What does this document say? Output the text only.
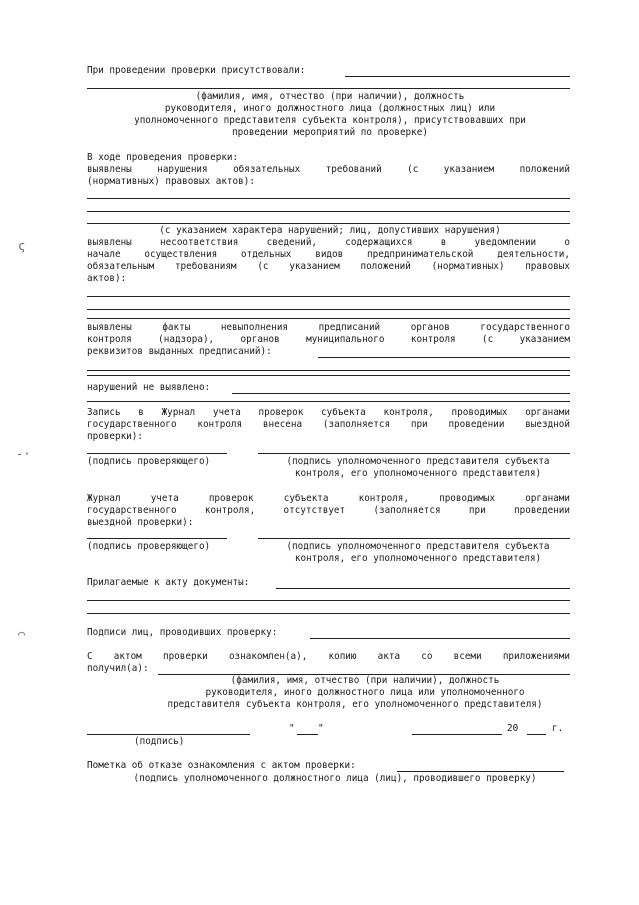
При проведении проверки присутствовали:
(фамилия, имя, отчество (при наличии), должность
руководителя, иного должностного лица (должностных лиц) или
уполномоченного представителя субъекта контроля), присутствовавших при
проведении мероприятий по проверке)
В ходе проведения проверки:
выявлены нарушения обязательных требований (с указанием положений
(нормативных) правовых актов):
(с указанием характера нарушений; лиц, допустивших нарушения)
выявлены несоответствия сведений, содержащихся в уведомлении о
начале осуществления отдельных видов предпринимательской деятельности,
обязательным требованиям (с указанием положений (нормативных) правовых
актов):
выявлены факты невыполнения предписаний органов государственного
контроля (надзора), органов муниципального контроля (с указанием
реквизитов выданных предписаний):
нарушений не выявлено:
Запись в Журнал учета проверок субъекта контроля, проводимых органами
государственного контроля внесена (заполняется при проведении выездной
проверки):
(подпись проверяющего)	(подпись уполномоченного представителя субъекта
контроля, его уполномоченного представителя)
Журнал учета проверок субъекта контроля, проводимых органами
государственного контроля, отсутствует (заполняется при проведении
выездной проверки):
(подпись проверяющего)	(подпись уполномоченного представителя субъекта
контроля, его уполномоченного представителя)
Прилагаемые к акту документы:
Подписи лиц, проводивших проверку:
С актом проверки ознакомлен(а), копию акта со всеми приложениями
получил(а):
(фамилия, имя, отчество (при наличии), должность
руководителя, иного должностного лица или уполномоченного
представителя субъекта контроля, его уполномоченного представителя)
"	"	20	г.
(подпись)
Пометка об отказе ознакомления с актом проверки:
(подпись уполномоченного должностного лица (лиц), проводившего проверку)
ς
-·
⌒
